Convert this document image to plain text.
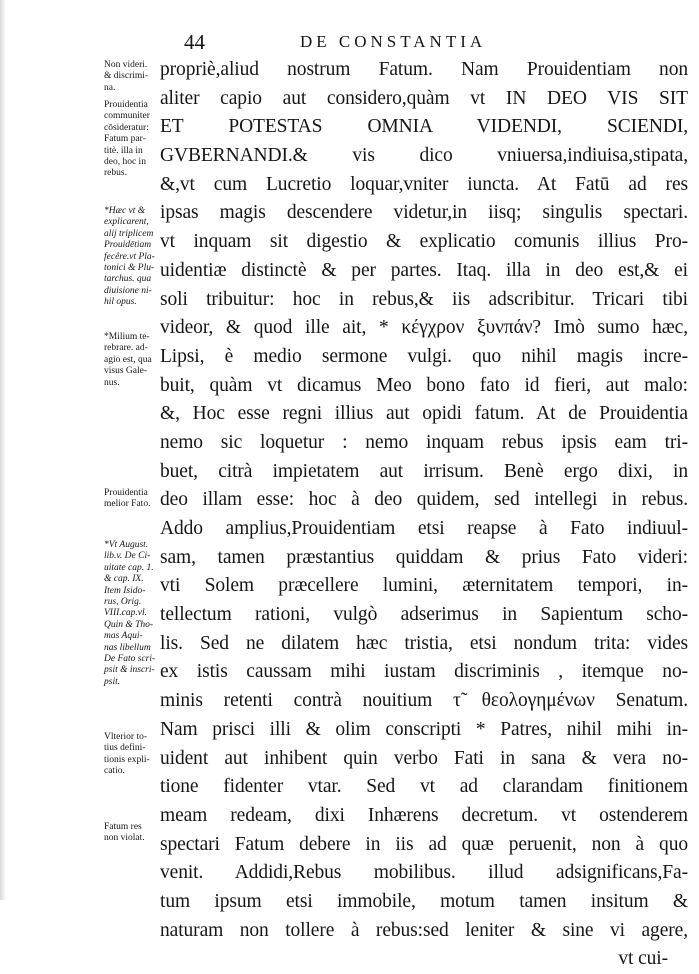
44	DE CONSTANTIA
Non videri.
& discrimi-
na.
Prouidentia
communiter
cōsideratur:
Fatum par-
titè. illa in
deo, hoc in
rebus.
*Hæc vt &
explicarent,
alij triplicem
Prouidētiam
fecêre.vt Pla-
tonici & Plu-
tarchus. qua
diuisione ni-
hil opus.
*Milium te-
rebrare. ad-
agio est, qua
visus Gale-
nus.
Prouidentia
melior Fato.
*Vt August.
lib.v. De Ci-
uitate cap. 1.
& cap. IX.
Item Isido-
rus, Orig.
VIII.cap.vl.
Quin & Tho-
mas Aqui-
nas libellum
De Fato scri-
psit & inscri-
psit.
Vlterior to-
tius defini-
tionis expli-
catio.
Fatum res
non violat.
propriè,aliud nostrum Fatum. Nam Prouidentiam non
aliter capio aut considero,quàm vt IN DEO VIS SIT
ET POTESTAS OMNIA VIDENDI, SCIENDI,
GVBERNANDI.& vis dico vniuersa,indiuisa,stipata,
&,vt cum Lucretio loquar,vniter iuncta. At Fatū ad res
ipsas magis descendere videtur,in iisq; singulis spectari.
vt inquam sit digestio & explicatio comunis illius Pro-
uidentiæ distinctè & per partes. Itaq. illa in deo est,& ei
soli tribuitur: hoc in rebus,& iis adscribitur. Tricari tibi
videor, & quod ille ait, * κέγχρον ξυνπάν? Imò sumo hæc,
Lipsi, è medio sermone vulgi. quo nihil magis incre-
buit, quàm vt dicamus Meo bono fato id fieri, aut malo:
&, Hoc esse regni illius aut opidi fatum. At de Prouidentia
nemo sic loquetur : nemo inquam rebus ipsis eam tri-
buet, citrà impietatem aut irrisum. Benè ergo dixi, in
deo illam esse: hoc à deo quidem, sed intellegi in rebus.
Addo amplius,Prouidentiam etsi reapse à Fato indiuul-
sam, tamen præstantius quiddam & prius Fato videri:
vti Solem præcellere lumini, æternitatem tempori, in-
tellectum rationi, vulgò adserimus in Sapientum scho-
lis. Sed ne dilatem hæc tristia, etsi nondum trita: vides
ex istis caussam mihi iustam discriminis , itemque no-
minis retenti contrà nouitium τ̃ θεολογημένων Senatum.
Nam prisci illi & olim conscripti * Patres, nihil mihi in-
uident aut inhibent quin verbo Fati in sana & vera no-
tione fidenter vtar. Sed vt ad clarandam finitionem
meam redeam, dixi Inhærens decretum. vt ostenderem
spectari Fatum debere in iis ad quæ peruenit, non à quo
venit. Addidi,Rebus mobilibus. illud adsignificans,Fa-
tum ipsum etsi immobile, motum tamen insitum &
naturam non tollere à rebus:sed leniter & sine vi agere,
vt cui-
